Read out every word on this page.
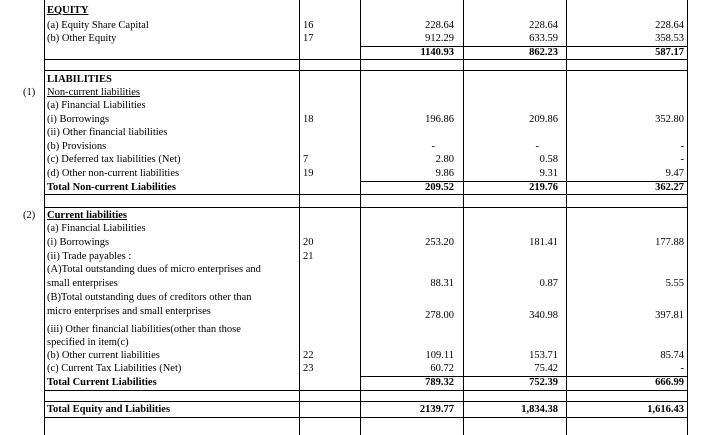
EQUITY
(a) Equity Share Capital	16	228.64	228.64	228.64
(b) Other Equity	17	912.29	633.59	358.53
1140.93	862.23	587.17
LIABILITIES
(1) Non-current liabilities
(a) Financial Liabilities
(i) Borrowings	18	196.86	209.86	352.80
(ii) Other financial liabilities
(b) Provisions	-	-	-
(c) Deferred tax liabilities (Net)	7	2.80	0.58	-
(d) Other non-current liabilities	19	9.86	9.31	9.47
Total Non-current Liabilities	209.52	219.76	362.27
(2) Current liabilities
(a) Financial Liabilities
(i) Borrowings	20	253.20	181.41	177.88
(ii) Trade payables :	21
(A)Total outstanding dues of micro enterprises and
small enterprises	88.31	0.87	5.55
(B)Total outstanding dues of creditors other than
micro enterprises and small enterprises	278.00	340.98	397.81
(iii) Other financial liabilities(other than those
specified in item(c)
(b) Other current liabilities	22	109.11	153.71	85.74
(c) Current Tax Liabilities (Net)	23	60.72	75.42	-
Total Current Liabilities	789.32	752.39	666.99
Total Equity and Liabilities	2139.77	1,834.38	1,616.43
